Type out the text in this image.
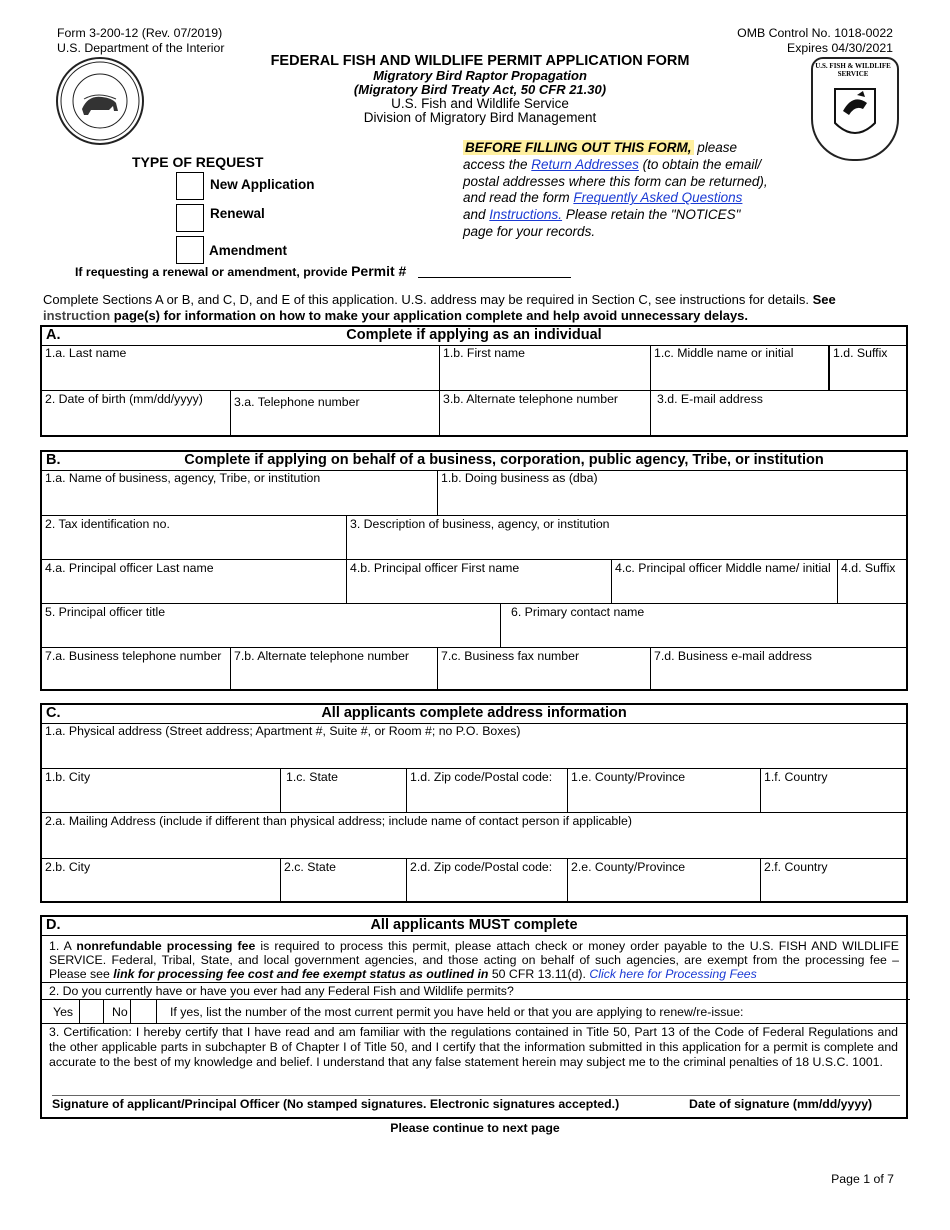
Form 3-200-12 (Rev. 07/2019)
U.S. Department of the Interior
OMB Control No. 1018-0022
Expires 04/30/2021
U.S. FISH & WILDLIFE SERVICE
FEDERAL FISH AND WILDLIFE PERMIT APPLICATION FORM
Migratory Bird Raptor Propagation
(Migratory Bird Treaty Act, 50 CFR 21.30)
U.S. Fish and Wildlife Service
Division of Migratory Bird Management
TYPE OF REQUEST
New Application
Renewal
Amendment
If requesting a renewal or amendment, provide Permit #
BEFORE FILLING OUT THIS FORM, please
access the Return Addresses (to obtain the email/
postal addresses where this form can be returned),
and read the form Frequently Asked Questions
and Instructions. Please retain the "NOTICES"
page for your records.
Complete Sections A or B, and C, D, and E of this application. U.S. address may be required in Section C, see instructions for details. See
instruction page(s) for information on how to make your application complete and help avoid unnecessary delays.
A.	Complete if applying as an individual
1.a. Last name	1.b. First name	1.c. Middle name or initial	1.d. Suffix
2. Date of birth (mm/dd/yyyy)	3.a. Telephone number	3.b. Alternate telephone number	3.d. E-mail address
B.	Complete if applying on behalf of a business, corporation, public agency, Tribe, or institution
1.a. Name of business, agency, Tribe, or institution	1.b. Doing business as (dba)
2. Tax identification no.	3. Description of business, agency, or institution
4.a. Principal officer Last name	4.b. Principal officer First name	4.c. Principal officer Middle name/ initial 4.d. Suffix
5. Principal officer title	6. Primary contact name
7.a. Business telephone number	7.b. Alternate telephone number	7.c. Business fax number	7.d. Business e-mail address
C.	All applicants complete address information
1.a. Physical address (Street address; Apartment #, Suite #, or Room #; no P.O. Boxes)
1.b. City	1.c. State	1.d. Zip code/Postal code:	1.e. County/Province	1.f. Country
2.a. Mailing Address (include if different than physical address; include name of contact person if applicable)
2.b. City	2.c. State	2.d. Zip code/Postal code:	2.e. County/Province	2.f. Country
D.	All applicants MUST complete
1. A nonrefundable processing fee is required to process this permit, please attach check or money order payable to the U.S. FISH AND WILDLIFE SERVICE. Federal, Tribal, State, and local government agencies, and those acting on behalf of such agencies, are exempt from the processing fee – Please see link for processing fee cost and fee exempt status as outlined in 50 CFR 13.11(d). Click here for Processing Fees
2. Do you currently have or have you ever had any Federal Fish and Wildlife permits?
Yes	No	If yes, list the number of the most current permit you have held or that you are applying to renew/re-issue:
3. Certification: I hereby certify that I have read and am familiar with the regulations contained in Title 50, Part 13 of the Code of Federal Regulations and the other applicable parts in subchapter B of Chapter I of Title 50, and I certify that the information submitted in this application for a permit is complete and accurate to the best of my knowledge and belief. I understand that any false statement herein may subject me to the criminal penalties of 18 U.S.C. 1001.
Signature of applicant/Principal Officer (No stamped signatures. Electronic signatures accepted.)	Date of signature (mm/dd/yyyy)
Please continue to next page
Page 1 of 7
